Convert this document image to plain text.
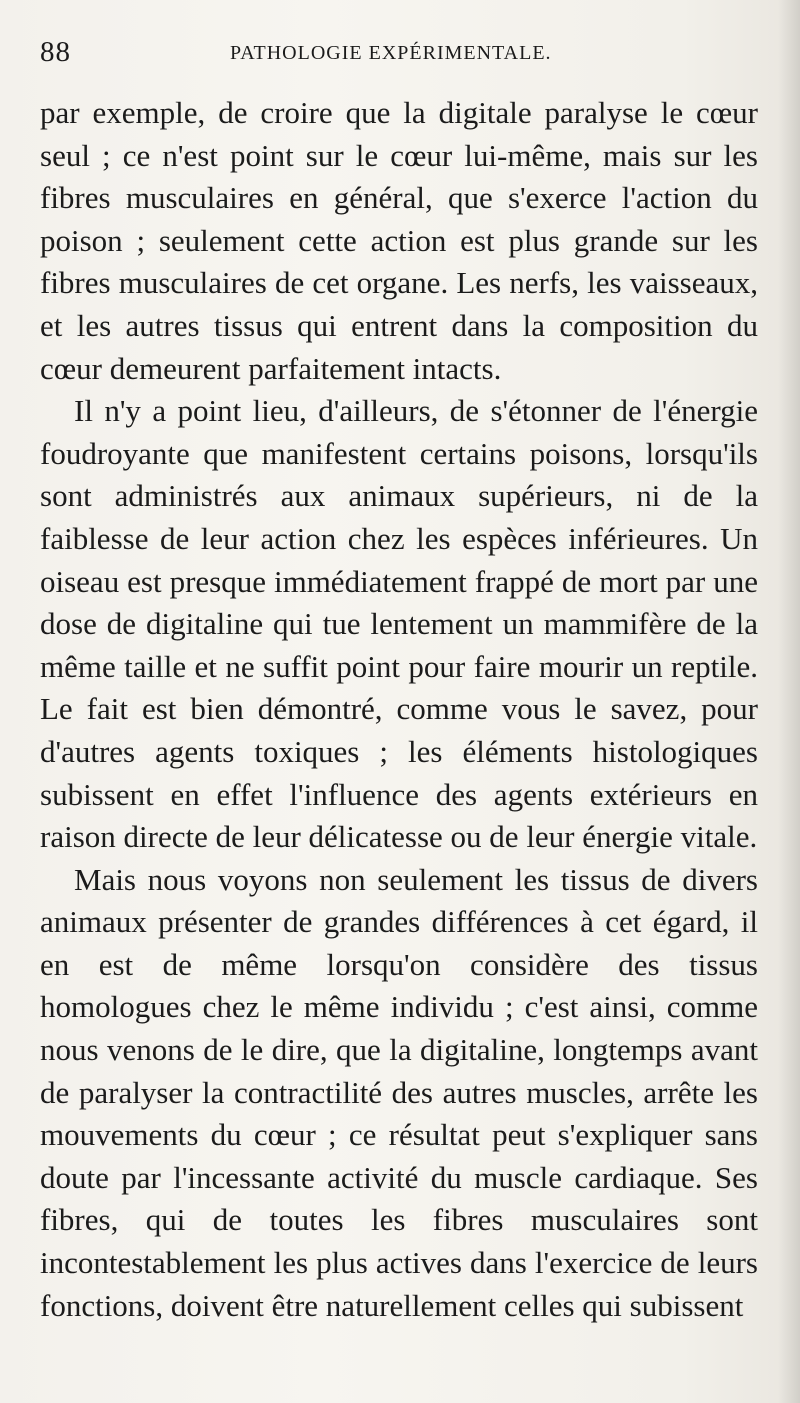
88	PATHOLOGIE EXPÉRIMENTALE.

par exemple, de croire que la digitale paralyse le cœur seul ; ce n'est point sur le cœur lui-même, mais sur les fibres musculaires en général, que s'exerce l'action du poison ; seulement cette action est plus grande sur les fibres musculaires de cet organe. Les nerfs, les vaisseaux, et les autres tissus qui entrent dans la composition du cœur demeurent parfaitement intacts.

Il n'y a point lieu, d'ailleurs, de s'étonner de l'énergie foudroyante que manifestent certains poisons, lorsqu'ils sont administrés aux animaux supérieurs, ni de la faiblesse de leur action chez les espèces inférieures. Un oiseau est presque immédiatement frappé de mort par une dose de digitaline qui tue lentement un mammifère de la même taille et ne suffit point pour faire mourir un reptile. Le fait est bien démontré, comme vous le savez, pour d'autres agents toxiques ; les éléments histologiques subissent en effet l'influence des agents extérieurs en raison directe de leur délicatesse ou de leur énergie vitale.

Mais nous voyons non seulement les tissus de divers animaux présenter de grandes différences à cet égard, il en est de même lorsqu'on considère des tissus homologues chez le même individu ; c'est ainsi, comme nous venons de le dire, que la digitaline, longtemps avant de paralyser la contractilité des autres muscles, arrête les mouvements du cœur ; ce résultat peut s'expliquer sans doute par l'incessante activité du muscle cardiaque. Ses fibres, qui de toutes les fibres musculaires sont incontestablement les plus actives dans l'exercice de leurs fonctions, doivent être naturellement celles qui subissent
